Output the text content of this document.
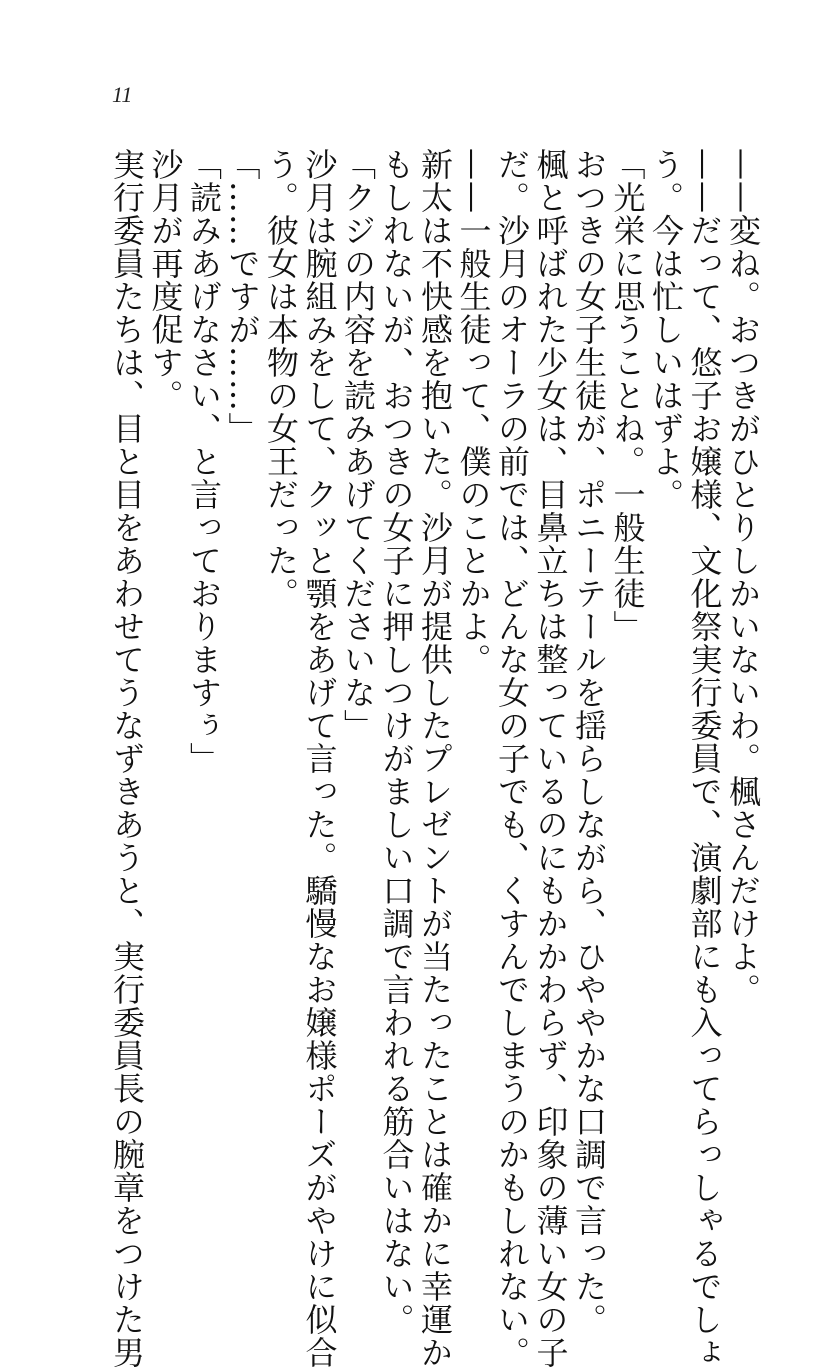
11

——変ね。おつきがひとりしかいないわ。楓さんだけよ。

——だって、悠子お嬢様、文化祭実行委員で、演劇部にも入ってらっしゃるでしょ

う。今は忙しいはずよ。

「光栄に思うことね。一般生徒」

おつきの女子生徒が、ポニーテールを揺らしながら、ひややかな口調で言った。

楓と呼ばれた少女は、目鼻立ちは整っているのにもかかわらず、印象の薄い女の子

だ。沙月のオーラの前では、どんな女の子でも、くすんでしまうのかもしれない。

——一般生徒って、僕のことかよ。

新太は不快感を抱いた。沙月が提供したプレゼントが当たったことは確かに幸運か

もしれないが、おつきの女子に押しつけがましい口調で言われる筋合いはない。

「クジの内容を読みあげてくださいな」

沙月は腕組みをして、クッと顎をあげて言った。驕慢なお嬢様ポーズがやけに似合

う。彼女は本物の女王だった。

「……ですが……」

「読みあげなさい、と言っておりますぅ」

沙月が再度促す。

実行委員たちは、目と目をあわせてうなずきあうと、実行委員長の腕章をつけた男
